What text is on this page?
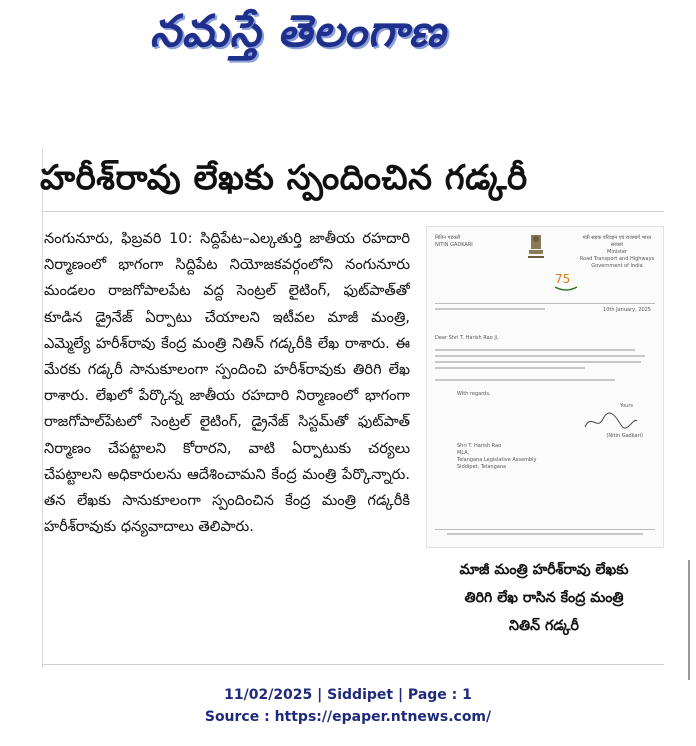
నమస్తే తెలంగాణ
హరీశ్‌రావు లేఖకు స్పందించిన గడ్కరీ

నంగునూరు, ఫిబ్రవరి 10: సిద్దిపేట–ఎల్కతుర్తి జాతీయ రహదారి నిర్మాణంలో భాగంగా సిద్దిపేట నియోజకవర్గంలోని నంగునూరు మండలం రాజగోపాలపేట వద్ద సెంట్రల్ లైటింగ్, ఫుట్‌పాత్‌తో కూడిన డ్రైనేజ్ ఏర్పాటు చేయాలని ఇటీవల మాజీ మంత్రి, ఎమ్మెల్యే హరీశ్‌రావు కేంద్ర మంత్రి నితిన్ గడ్కరీకి లేఖ రాశారు. ఈ మేరకు గడ్కరీ సానుకూలంగా స్పందించి హరీశ్‌రావుకు తిరిగి లేఖ రాశారు. లేఖలో పేర్కొన్న జాతీయ రహదారి నిర్మాణంలో భాగంగా రాజగోపాల్‌పేటలో సెంట్రల్ లైటింగ్, డ్రైనేజ్ సిస్టమ్‌తో ఫుట్‌పాత్ నిర్మాణం చేపట్టాలని కోరారని, వాటి ఏర్పాటుకు చర్యలు చేపట్టాలని అధికారులను ఆదేశించామని కేంద్ర మంత్రి పేర్కొన్నారు. తన లేఖకు సానుకూలంగా స్పందించిన కేంద్ర మంత్రి గడ్కరీకి హరీశ్‌రావుకు ధన్యవాదాలు తెలిపారు.

नितिन गडकरी
NITIN GADKARI
मंत्री सड़क परिवहन एवं राजमार्ग भारत सरकार
Minister
Road Transport and Highways
Government of India
75
10th January, 2025
Dear Shri T. Harish Rao ji,
With regards,
Yours
(Nitin Gadkari)
Shri T. Harish Rao
MLA,
Telangana Legislative Assembly
Siddipet, Telangana

మాజీ మంత్రి హరీశ్‌రావు లేఖకు

తిరిగి లేఖ రాసిన కేంద్ర మంత్రి

నితిన్ గడ్కరీ

11/02/2025 | Siddipet | Page : 1
Source : https://epaper.ntnews.com/
